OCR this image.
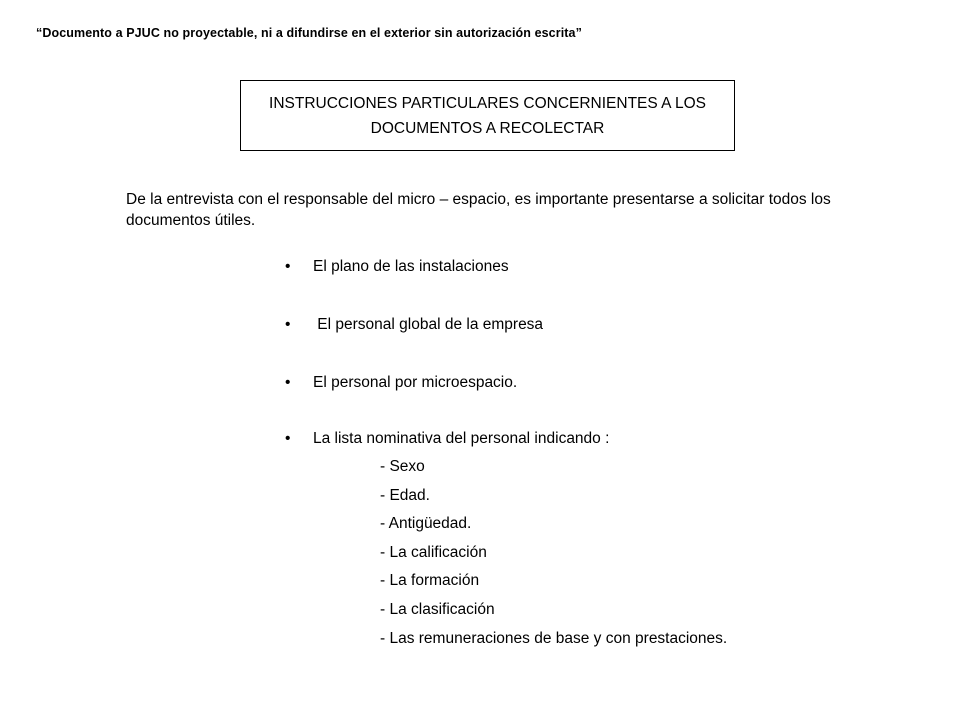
“Documento a PJUC no proyectable, ni a difundirse en el exterior sin autorización escrita”
INSTRUCCIONES PARTICULARES CONCERNIENTES A LOS
DOCUMENTOS A RECOLECTAR
De la entrevista con el responsable del micro – espacio, es importante presentarse a solicitar todos los
documentos útiles.
• El plano de las instalaciones
• El personal global de la empresa
• El personal por microespacio.
• La lista nominativa del personal indicando :
- Sexo
- Edad.
- Antigüedad.
- La calificación
- La formación
- La clasificación
- Las remuneraciones de base y con prestaciones.
